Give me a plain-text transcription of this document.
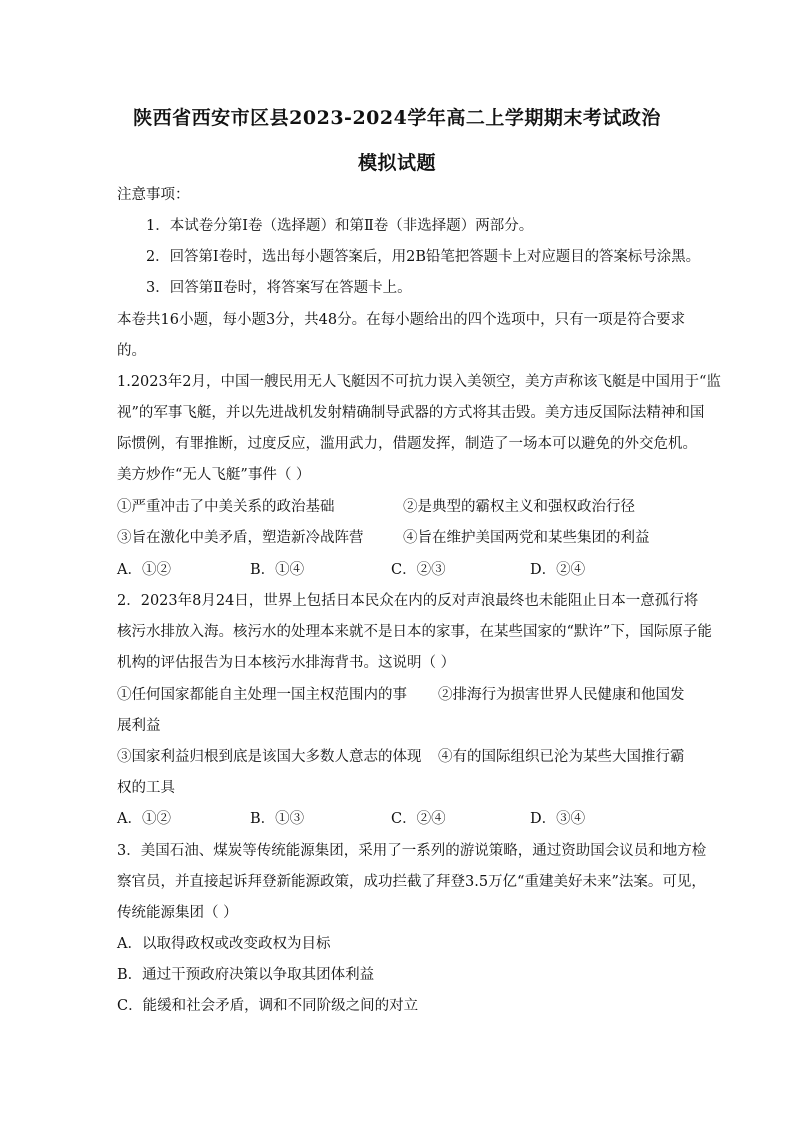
陕西省西安市区县2023-2024学年高二上学期期末考试政治
模拟试题
注意事项：
1．本试卷分第Ⅰ卷（选择题）和第Ⅱ卷（非选择题）两部分。
2．回答第Ⅰ卷时，选出每小题答案后，用2B铅笔把答题卡上对应题目的答案标号涂黑。
3．回答第Ⅱ卷时，将答案写在答题卡上。
本卷共16小题，每小题3分，共48分。在每小题给出的四个选项中，只有一项是符合要求
的。
1.2023年2月，中国一艘民用无人飞艇因不可抗力误入美领空，美方声称该飞艇是中国用于“监
视”的军事飞艇，并以先进战机发射精确制导武器的方式将其击毁。美方违反国际法精神和国
际惯例，有罪推断，过度反应，滥用武力，借题发挥，制造了一场本可以避免的外交危机。
美方炒作“无人飞艇”事件（ ）
①严重冲击了中美关系的政治基础	②是典型的霸权主义和强权政治行径
③旨在激化中美矛盾，塑造新冷战阵营	④旨在维护美国两党和某些集团的利益
A．①②	B．①④	C．②③	D．②④
2．2023年8月24日，世界上包括日本民众在内的反对声浪最终也未能阻止日本一意孤行将
核污水排放入海。核污水的处理本来就不是日本的家事，在某些国家的“默许”下，国际原子能
机构的评估报告为日本核污水排海背书。这说明（ ）
①任何国家都能自主处理一国主权范围内的事 ②排海行为损害世界人民健康和他国发
展利益
③国家利益归根到底是该国大多数人意志的体现 ④有的国际组织已沦为某些大国推行霸
权的工具
A．①②	B．①③	C．②④	D．③④
3．美国石油、煤炭等传统能源集团，采用了一系列的游说策略，通过资助国会议员和地方检
察官员，并直接起诉拜登新能源政策，成功拦截了拜登3.5万亿“重建美好未来”法案。可见，
传统能源集团（ ）
A．以取得政权或改变政权为目标
B．通过干预政府决策以争取其团体利益
C．能缓和社会矛盾，调和不同阶级之间的对立
